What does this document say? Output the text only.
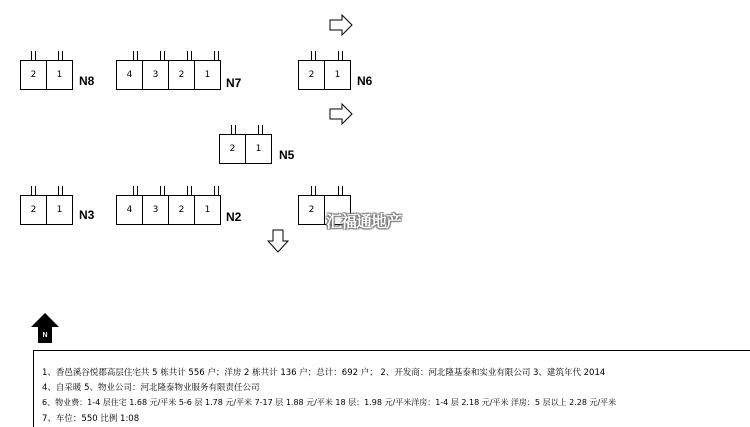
2	1	N8	4	3	2	1
N7
2	1	N6
2	1	N5
2	1	N3	4	3	2	1	N2	2
汇福通地产
N
1、香邑溪谷悦郡高层住宅共 5 栋共计 556 户；洋房 2 栋共计 136 户；总计：692 户； 2、开发商：河北隆基泰和实业有限公司 3、建筑年代 2014
4、自采暖 5、物业公司：河北隆泰物业服务有限责任公司
6、物业费：1-4 层住宅 1.68 元/平米 5-6 层 1.78 元/平米 7-17 层 1.88 元/平米 18 层：1.98 元/平米洋房：1-4 层 2.18 元/平米 洋房：5 层以上 2.28 元/平米
7、车位：550 比例 1:08
